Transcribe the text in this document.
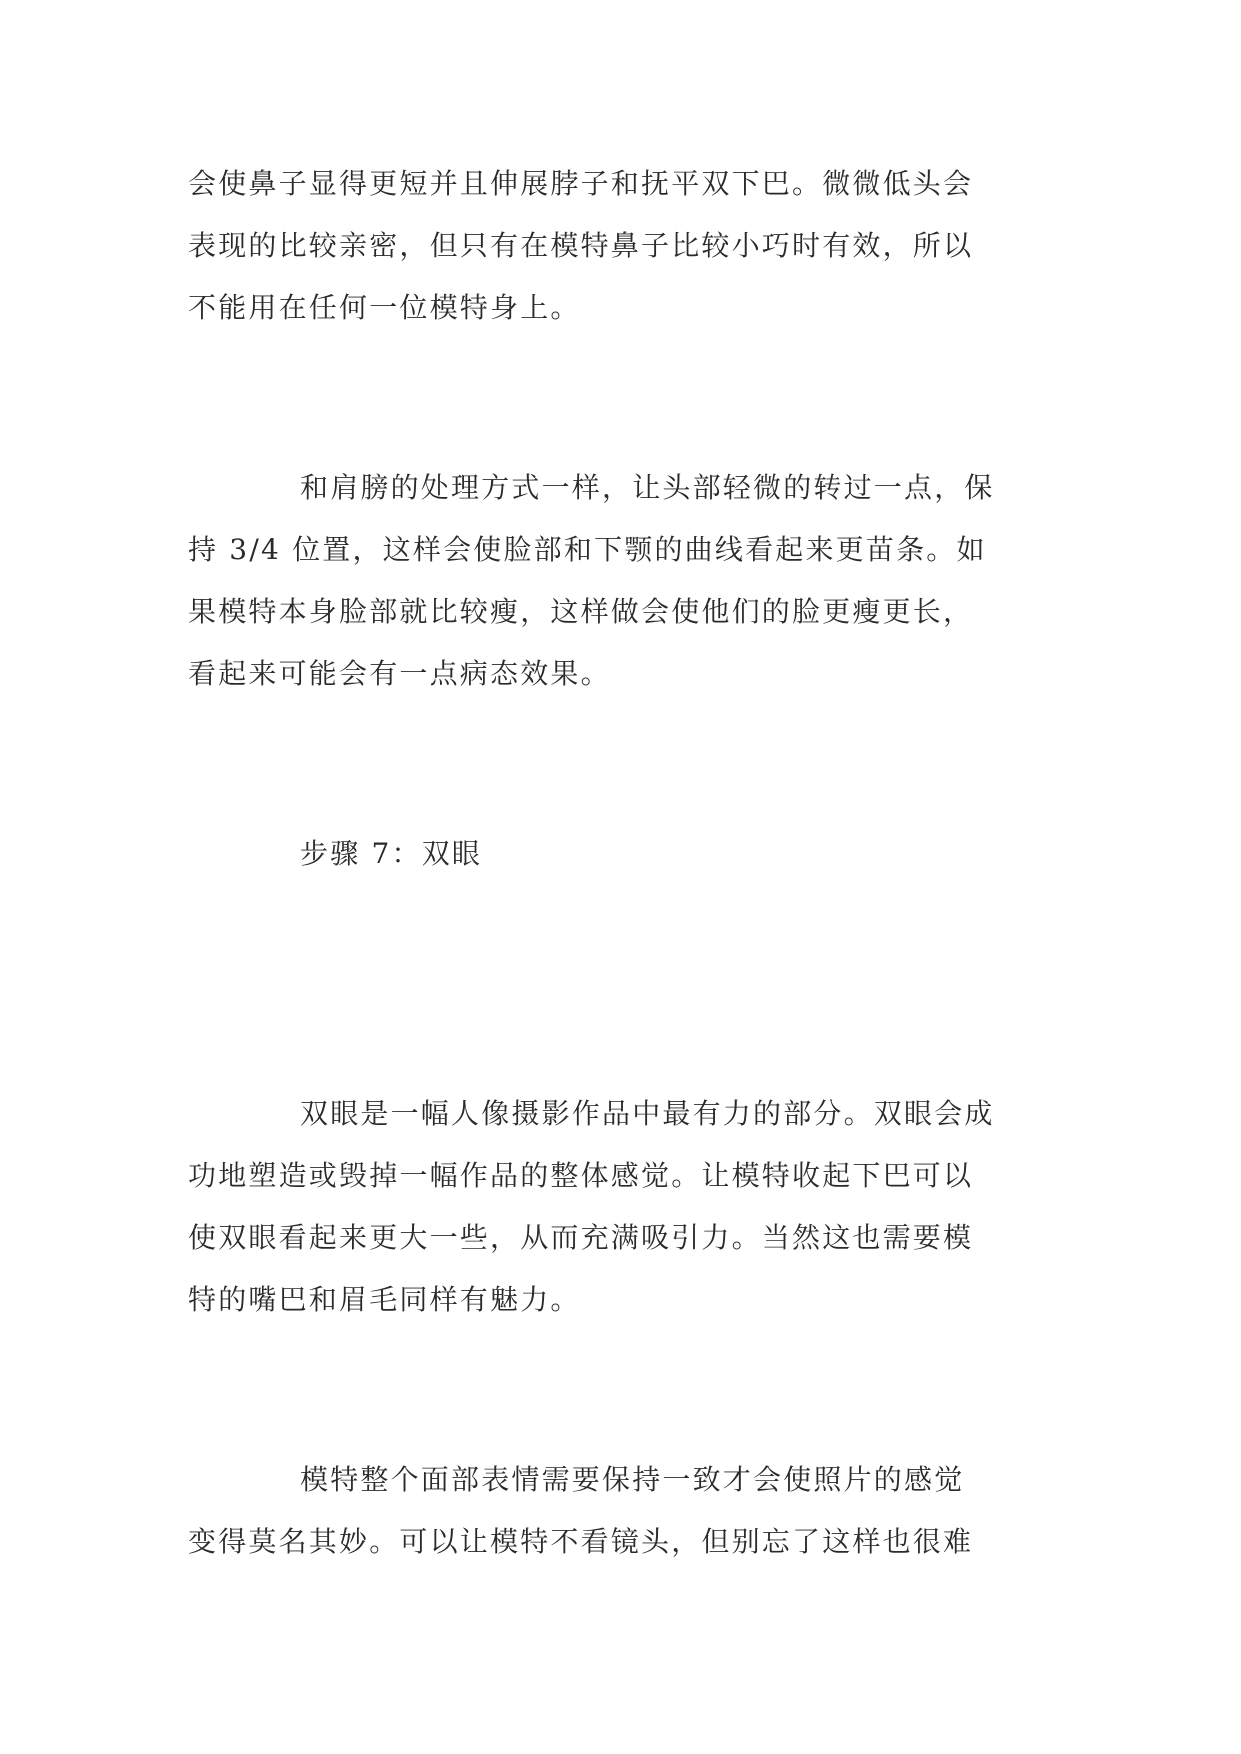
会使鼻子显得更短并且伸展脖子和抚平双下巴。微微低头会
表现的比较亲密，但只有在模特鼻子比较小巧时有效，所以
不能用在任何一位模特身上。
和肩膀的处理方式一样，让头部轻微的转过一点，保
持 3/4 位置，这样会使脸部和下颚的曲线看起来更苗条。如
果模特本身脸部就比较瘦，这样做会使他们的脸更瘦更长，
看起来可能会有一点病态效果。
步骤 7：双眼
双眼是一幅人像摄影作品中最有力的部分。双眼会成
功地塑造或毁掉一幅作品的整体感觉。让模特收起下巴可以
使双眼看起来更大一些，从而充满吸引力。当然这也需要模
特的嘴巴和眉毛同样有魅力。
模特整个面部表情需要保持一致才会使照片的感觉
变得莫名其妙。可以让模特不看镜头，但别忘了这样也很难
